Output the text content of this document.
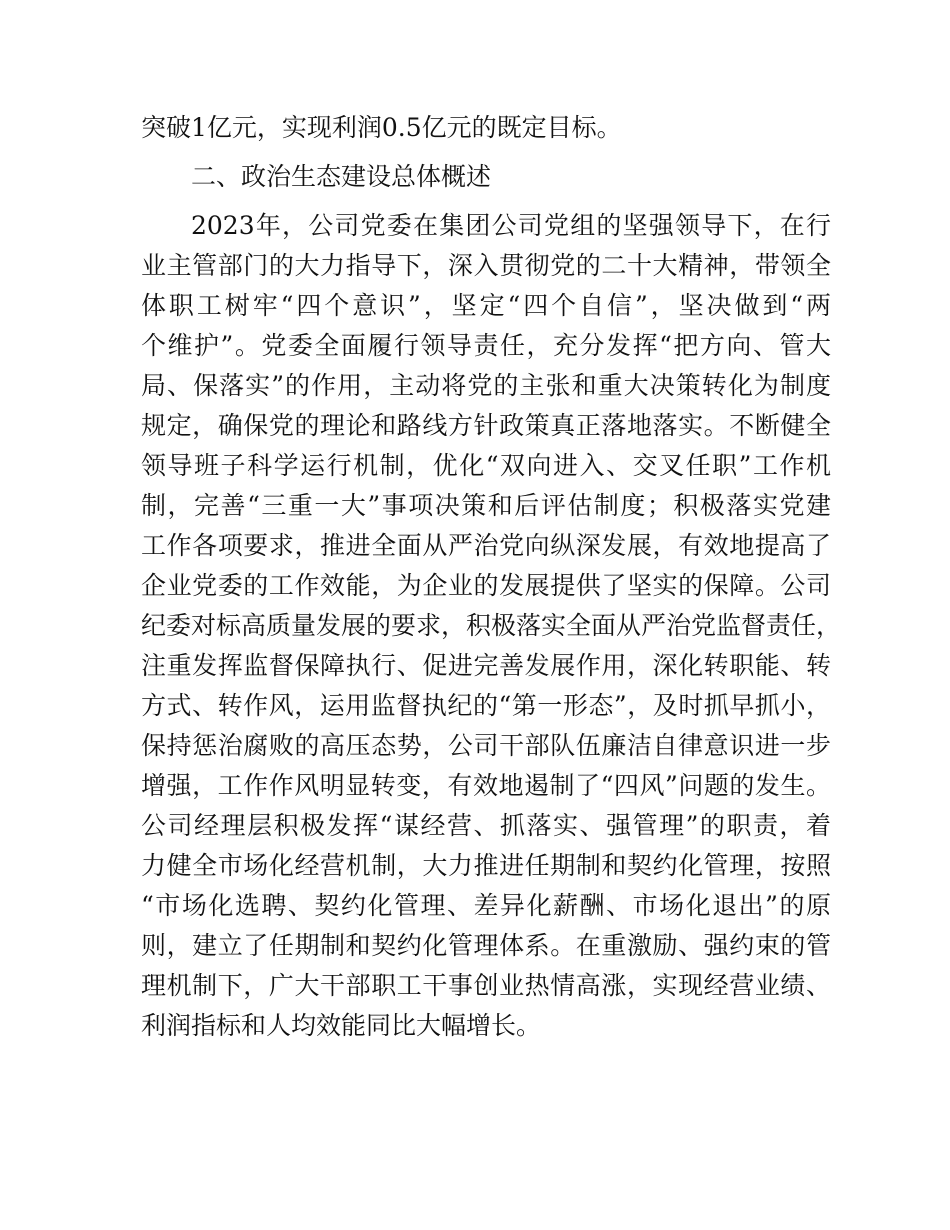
突破1亿元，实现利润0.5亿元的既定目标。
二、政治生态建设总体概述
2023年，公司党委在集团公司党组的坚强领导下，在行
业主管部门的大力指导下，深入贯彻党的二十大精神，带领全
体职工树牢“四个意识”，坚定“四个自信”，坚决做到“两
个维护”。党委全面履行领导责任，充分发挥“把方向、管大
局、保落实”的作用，主动将党的主张和重大决策转化为制度
规定，确保党的理论和路线方针政策真正落地落实。不断健全
领导班子科学运行机制，优化“双向进入、交叉任职”工作机
制，完善“三重一大”事项决策和后评估制度；积极落实党建
工作各项要求，推进全面从严治党向纵深发展，有效地提高了
企业党委的工作效能，为企业的发展提供了坚实的保障。公司
纪委对标高质量发展的要求，积极落实全面从严治党监督责任，
注重发挥监督保障执行、促进完善发展作用，深化转职能、转
方式、转作风，运用监督执纪的“第一形态”，及时抓早抓小，
保持惩治腐败的高压态势，公司干部队伍廉洁自律意识进一步
增强，工作作风明显转变，有效地遏制了“四风”问题的发生。
公司经理层积极发挥“谋经营、抓落实、强管理”的职责，着
力健全市场化经营机制，大力推进任期制和契约化管理，按照
“市场化选聘、契约化管理、差异化薪酬、市场化退出”的原
则，建立了任期制和契约化管理体系。在重激励、强约束的管
理机制下，广大干部职工干事创业热情高涨，实现经营业绩、
利润指标和人均效能同比大幅增长。
